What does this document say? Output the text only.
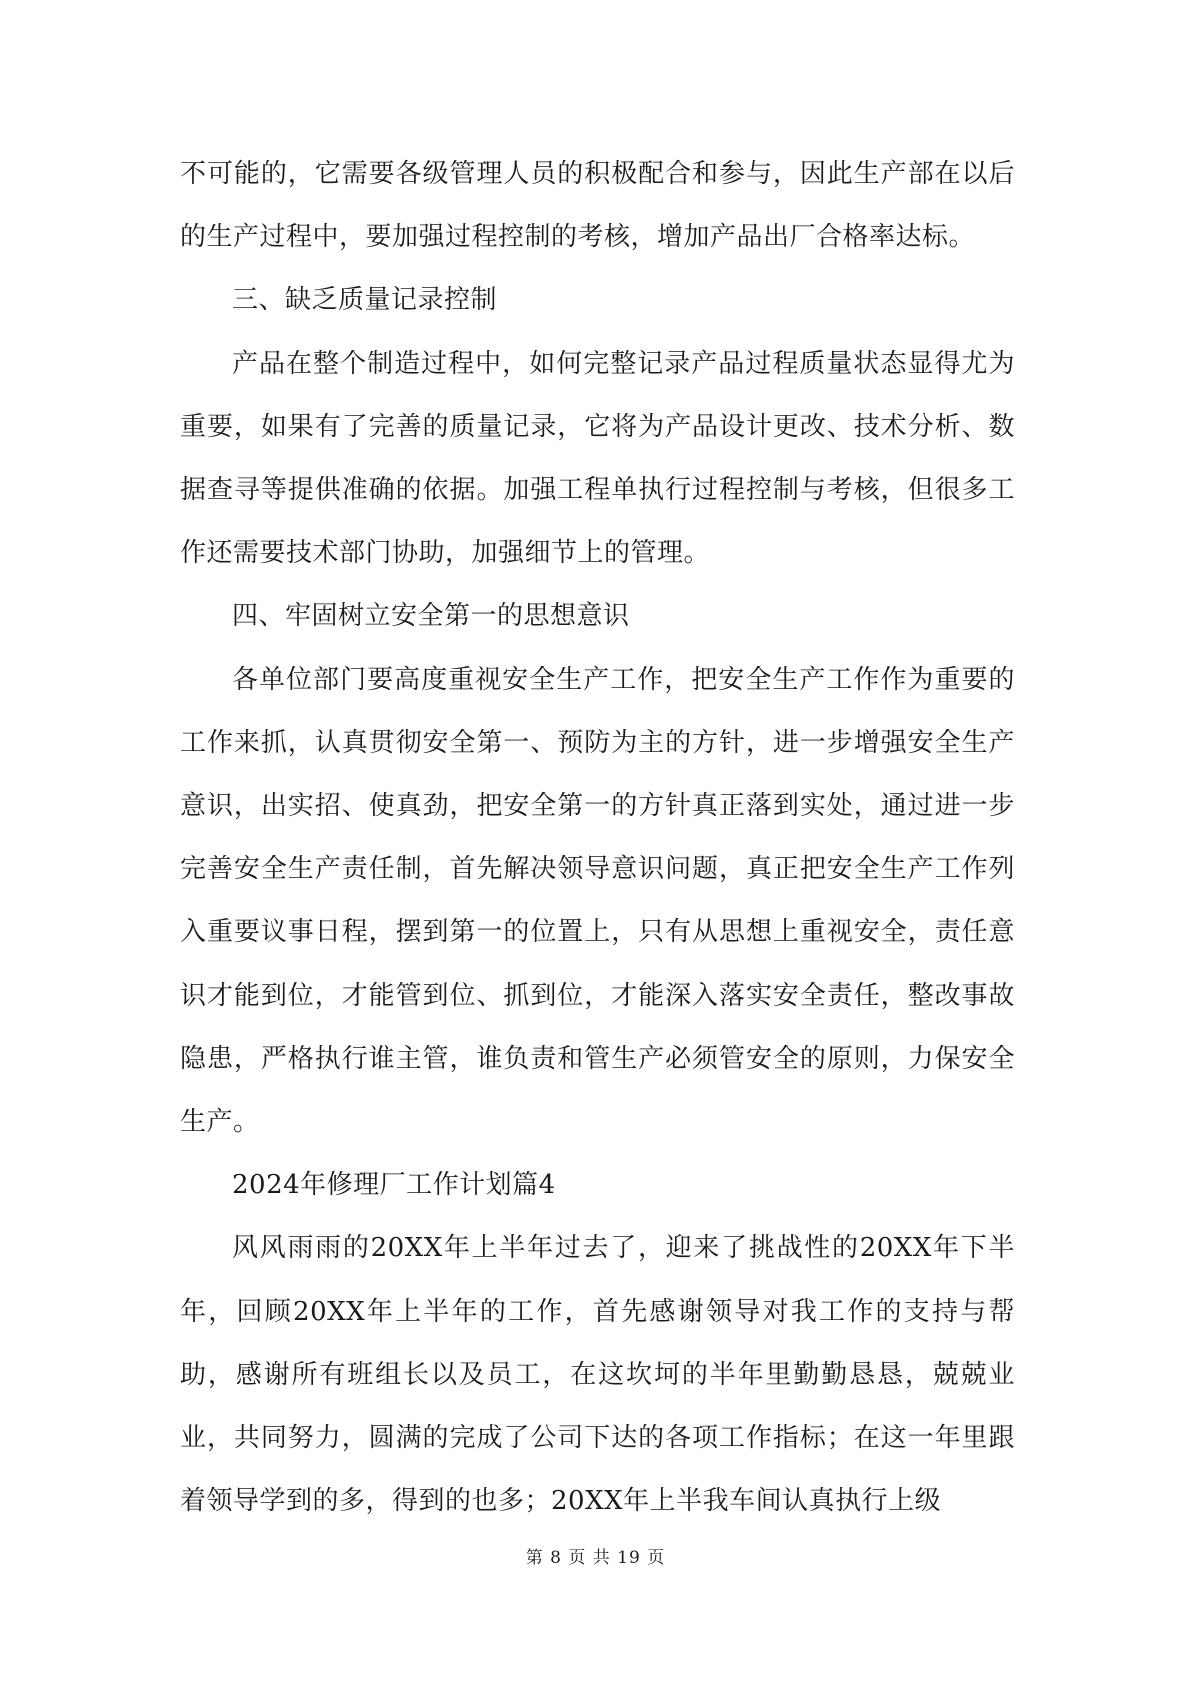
不可能的，它需要各级管理人员的积极配合和参与，因此生产部在以后的生产过程中，要加强过程控制的考核，增加产品出厂合格率达标。

三、缺乏质量记录控制

产品在整个制造过程中，如何完整记录产品过程质量状态显得尤为重要，如果有了完善的质量记录，它将为产品设计更改、技术分析、数据查寻等提供准确的依据。加强工程单执行过程控制与考核，但很多工作还需要技术部门协助，加强细节上的管理。

四、牢固树立安全第一的思想意识

各单位部门要高度重视安全生产工作，把安全生产工作作为重要的工作来抓，认真贯彻安全第一、预防为主的方针，进一步增强安全生产意识，出实招、使真劲，把安全第一的方针真正落到实处，通过进一步完善安全生产责任制，首先解决领导意识问题，真正把安全生产工作列入重要议事日程，摆到第一的位置上，只有从思想上重视安全，责任意识才能到位，才能管到位、抓到位，才能深入落实安全责任，整改事故隐患，严格执行谁主管，谁负责和管生产必须管安全的原则，力保安全生产。

2024年修理厂工作计划篇4

风风雨雨的20XX年上半年过去了，迎来了挑战性的20XX年下半年，回顾20XX年上半年的工作，首先感谢领导对我工作的支持与帮助，感谢所有班组长以及员工，在这坎坷的半年里勤勤恳恳，兢兢业业，共同努力，圆满的完成了公司下达的各项工作指标；在这一年里跟着领导学到的多，得到的也多；20XX年上半我车间认真执行上级

第 8 页 共 19 页
